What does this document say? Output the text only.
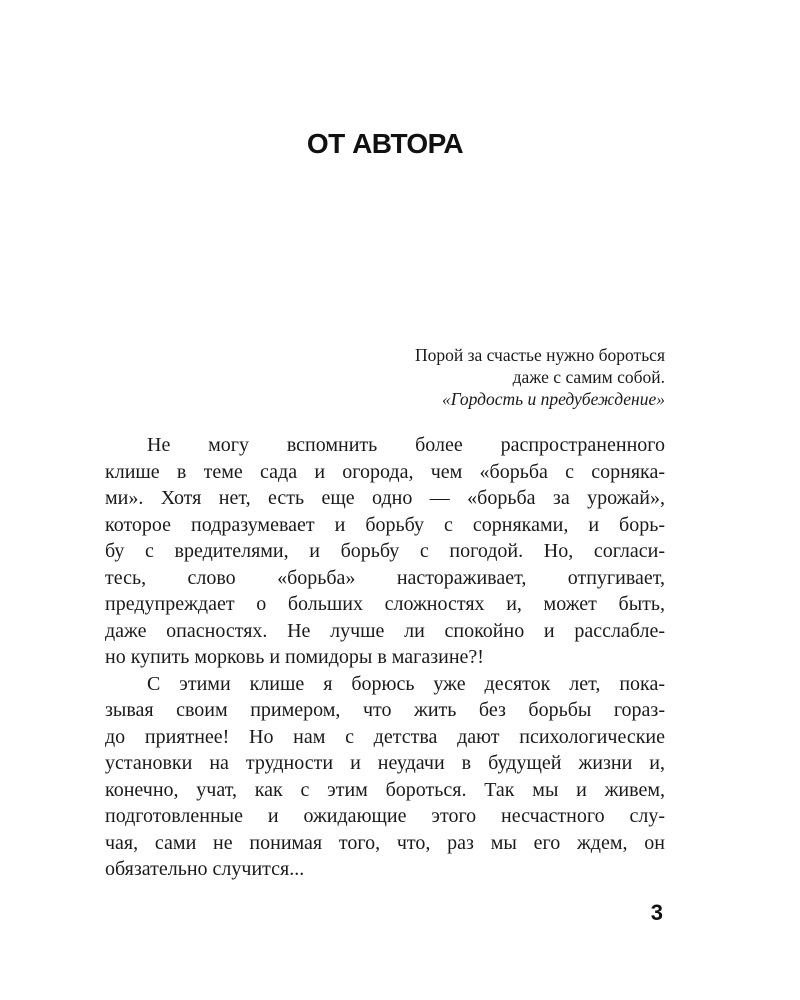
ОТ АВТОРА
Порой за счастье нужно бороться
даже с самим собой.
«Гордость и предубеждение»
Не могу вспомнить более распространенного
клише в теме сада и огорода, чем «борьба с сорняка-
ми». Хотя нет, есть еще одно — «борьба за урожай»,
которое подразумевает и борьбу с сорняками, и борь-
бу с вредителями, и борьбу с погодой. Но, согласи-
тесь, слово «борьба» настораживает, отпугивает,
предупреждает о больших сложностях и, может быть,
даже опасностях. Не лучше ли спокойно и расслабле-
но купить морковь и помидоры в магазине?!
С этими клише я борюсь уже десяток лет, пока-
зывая своим примером, что жить без борьбы гораз-
до приятнее! Но нам с детства дают психологические
установки на трудности и неудачи в будущей жизни и,
конечно, учат, как с этим бороться. Так мы и живем,
подготовленные и ожидающие этого несчастного слу-
чая, сами не понимая того, что, раз мы его ждем, он
обязательно случится...
3
